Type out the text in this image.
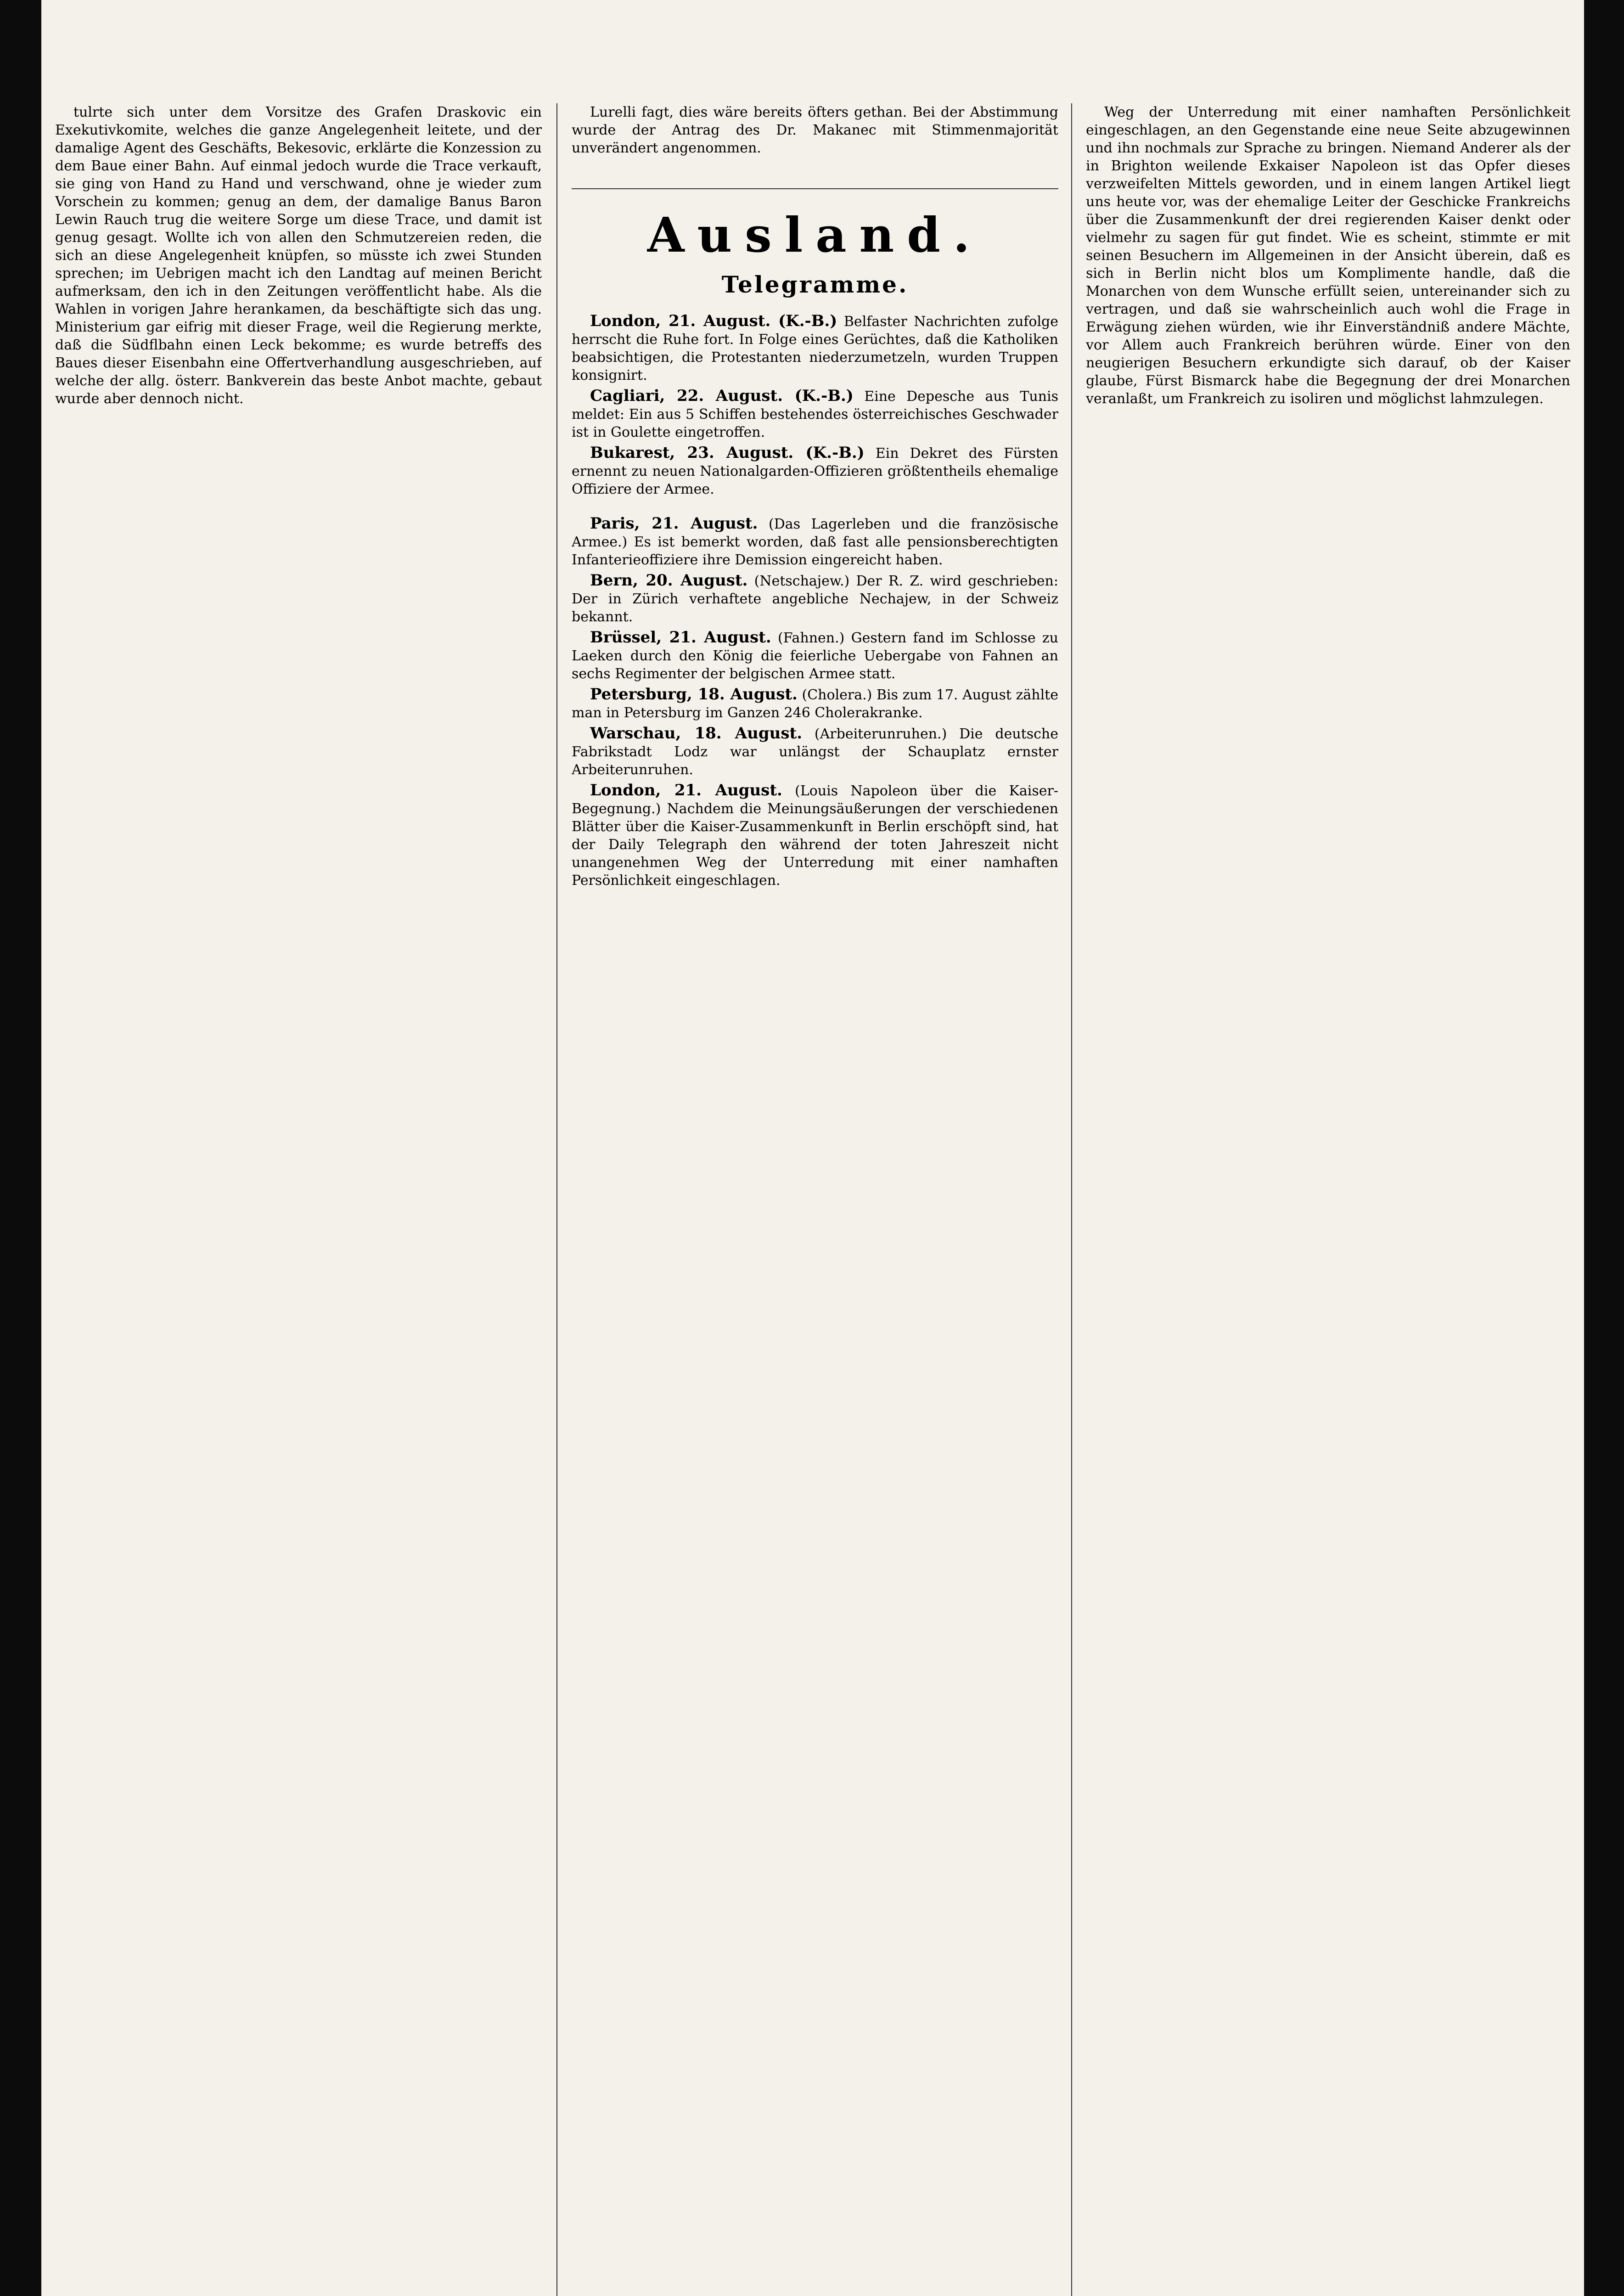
tulrte sich unter dem Vorsitze des Grafen Draskovic ein Exekutivkomite, welches die ganze Angelegenheit leitete, und der damalige Agent des Geschäfts, Bekesovic, erklärte die Konzession zu dem Baue einer Bahn. Auf einmal jedoch wurde die Trace verkauft, sie ging von Hand zu Hand und verschwand, ohne je wieder zum Vorschein zu kommen; genug an dem, der damalige Banus Baron Lewin Rauch trug die weitere Sorge um diese Trace, und damit ist genug gesagt. Wollte ich von allen den Schmutzereien reden, die sich an diese Angelegenheit knüpfen, so müsste ich zwei Stunden sprechen; im Uebrigen macht ich den Landtag auf meinen Bericht aufmerksam, den ich in den Zeitungen veröffentlicht habe. Als die Wahlen in vorigen Jahre herankamen, da beschäftigte sich das ung. Ministerium gar eifrig mit dieser Frage, weil die Regierung merkte, daß die Südflbahn einen Leck bekomme; es wurde betreffs des Baues dieser Eisenbahn eine Offertverhandlung ausgeschrieben, auf welche der allg. österr. Bankverein das beste Anbot machte, gebaut wurde aber dennoch nicht.

Lurelli fagt, dies wäre bereits öfters gethan. Bei der Abstimmung wurde der Antrag des Dr. Makanec mit Stimmenmajorität unverändert angenommen.

London, 21. August. (K.-B.) Belfaster Nachrichten zufolge herrscht die Ruhe fort. In Folge eines Gerüchtes, daß die Katholiken beabsichtigen, die Protestanten niederzumetzeln, wurden Truppen konsignirt.

Cagliari, 22. August. (K.-B.) Eine Depesche aus Tunis meldet: Ein aus 5 Schiffen bestehendes österreichisches Geschwader ist in Goulette eingetroffen.

Bukarest, 23. August. (K.-B.) Ein Dekret des Fürsten ernennt zu neuen Nationalgarden-Offizieren größtentheils ehemalige Offiziere der Armee.

Paris, 21. August. (Das Lagerleben und die französische Armee.) Es ist bemerkt worden, daß fast alle pensionsberechtigten Infanterieoffiziere ihre Demission eingereicht haben.

Bern, 20. August. (Netschajew.) Der R. Z. wird geschrieben: Der in Zürich verhaftete angebliche Nechajew, in der Schweiz bekannt.

Brüssel, 21. August. (Fahnen.) Gestern fand im Schlosse zu Laeken durch den König die feierliche Uebergabe von Fahnen an sechs Regimenter der belgischen Armee statt.

Petersburg, 18. August. (Cholera.) Bis zum 17. August zählte man in Petersburg im Ganzen 246 Cholerakranke.

Warschau, 18. August. (Arbeiterunruhen.) Die deutsche Fabrikstadt Lodz war unlängst der Schauplatz ernster Arbeiterunruhen.

London, 21. August. (Louis Napoleon über die Kaiser-Begegnung.) Nachdem die Meinungsäußerungen der verschiedenen Blätter über die Kaiser-Zusammenkunft in Berlin erschöpft sind, hat der Daily Telegraph den während der toten Jahreszeit nicht unangenehmen Weg der Unterredung mit einer namhaften Persönlichkeit eingeschlagen.

Ausland.
Telegramme.

Weg der Unterredung mit einer namhaften Persönlichkeit eingeschlagen, an den Gegenstande eine neue Seite abzugewinnen und ihn nochmals zur Sprache zu bringen. Niemand Anderer als der in Brighton weilende Exkaiser Napoleon ist das Opfer dieses verzweifelten Mittels geworden, und in einem langen Artikel liegt uns heute vor, was der ehemalige Leiter der Geschicke Frankreichs über die Zusammenkunft der drei regierenden Kaiser denkt oder vielmehr zu sagen für gut findet. Wie es scheint, stimmte er mit seinen Besuchern im Allgemeinen in der Ansicht überein, daß es sich in Berlin nicht blos um Komplimente handle, daß die Monarchen von dem Wunsche erfüllt seien, untereinander sich zu vertragen, und daß sie wahrscheinlich auch wohl die Frage in Erwägung ziehen würden, wie ihr Einverständniß andere Mächte, vor Allem auch Frankreich berühren würde. Einer von den neugierigen Besuchern erkundigte sich darauf, ob der Kaiser glaube, Fürst Bismarck habe die Begegnung der drei Monarchen veranlaßt, um Frankreich zu isoliren und möglichst lahmzulegen.
